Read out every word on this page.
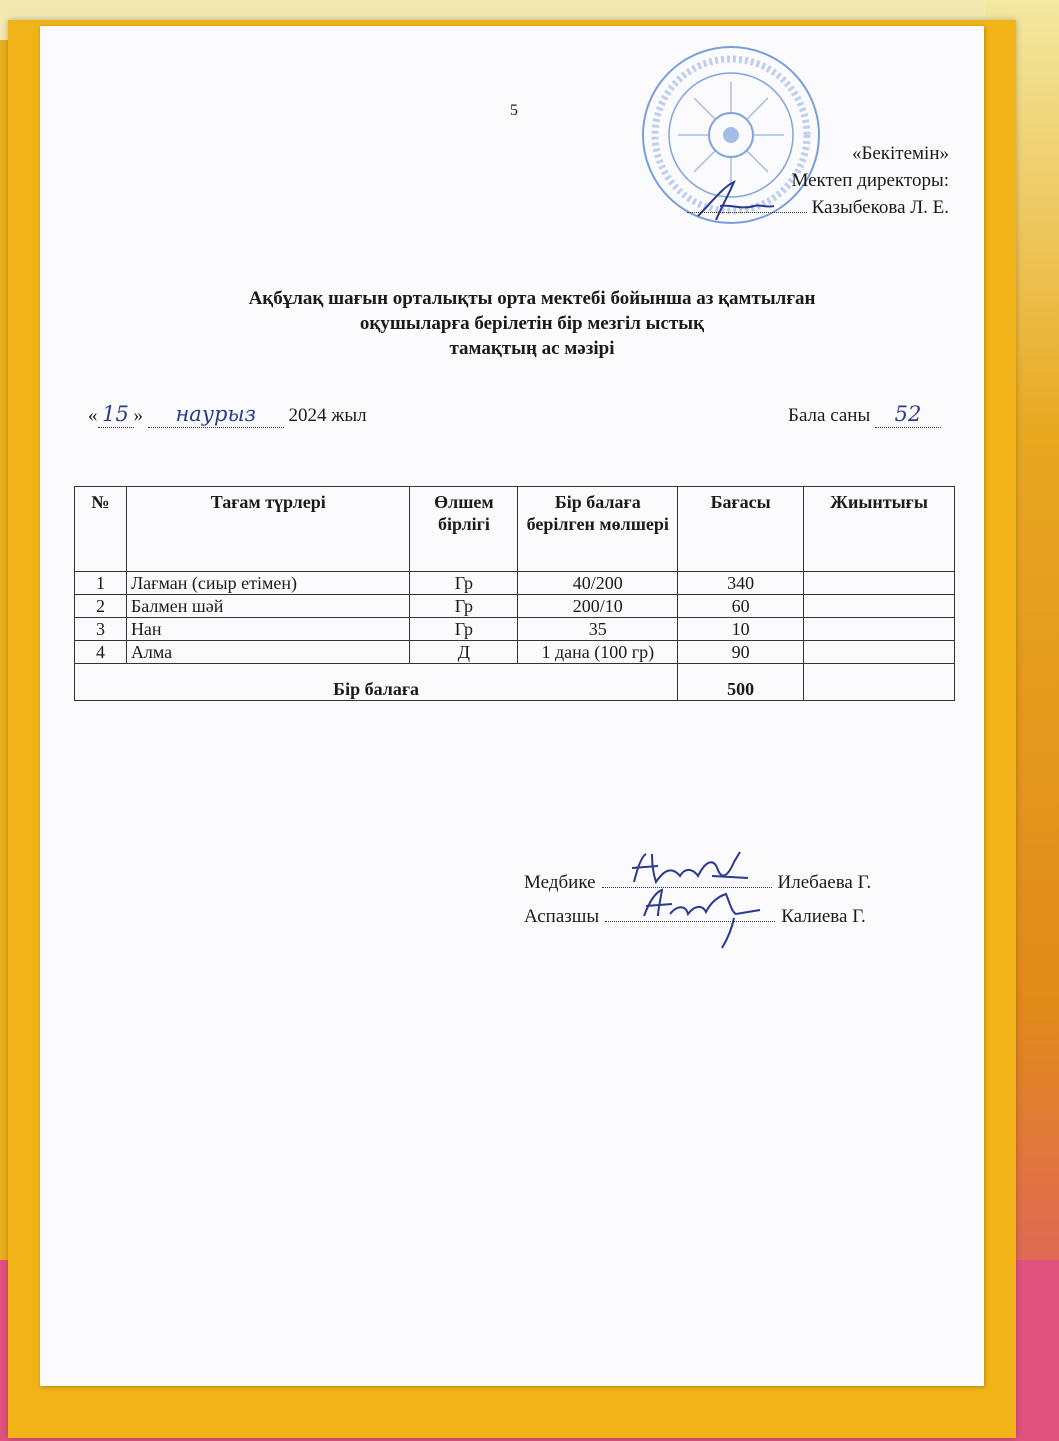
5
«Бекітемін»
Мектеп директоры:
Казыбекова Л. Е.
Ақбұлақ шағын орталықты орта мектебі бойынша аз қамтылған
оқушыларға берілетін бір мезгіл ыстық
тамақтың ас мәзірі
« 15 » наурыз 2024 жыл	Бала саны 52
№	Тағам түрлері	Өлшем бірлігі	Бір балаға берілген мөлшері	Бағасы	Жиынтығы
1	Лағман (сиыр етімен)	Гр	40/200	340	
2	Балмен шәй	Гр	200/10	60	
3	Нан	Гр	35	10	
4	Алма	Д	1 дана (100 гр)	90	
Бір балаға				500	
Медбике	Илебаева Г.
Аспазшы	Калиева Г.
